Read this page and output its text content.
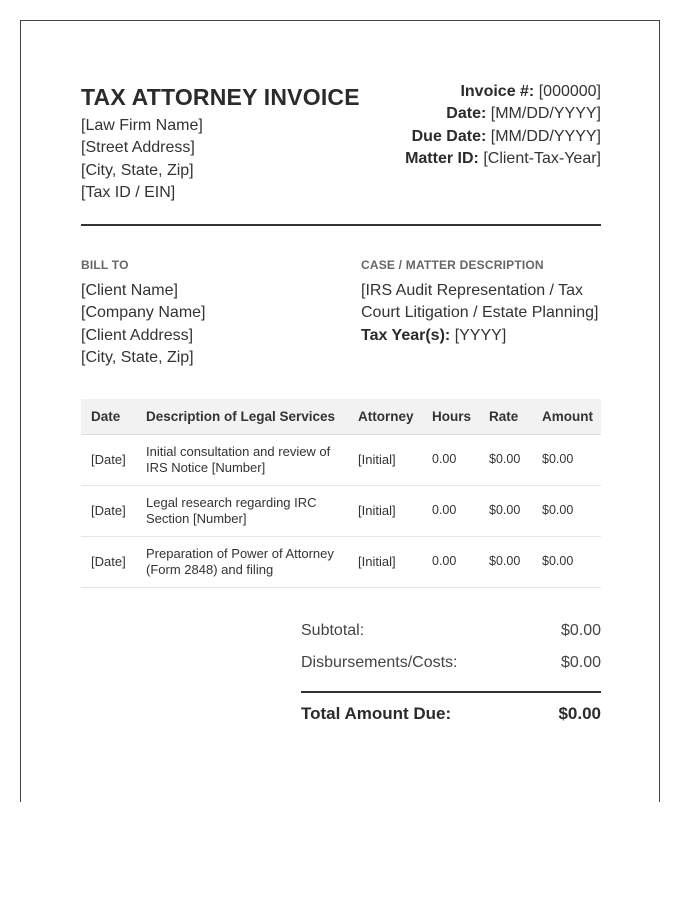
TAX ATTORNEY INVOICE
[Law Firm Name]
[Street Address]
[City, State, Zip]
[Tax ID / EIN]
Invoice #: [000000]
Date: [MM/DD/YYYY]
Due Date: [MM/DD/YYYY]
Matter ID: [Client-Tax-Year]
BILL TO
[Client Name]
[Company Name]
[Client Address]
[City, State, Zip]
CASE / MATTER DESCRIPTION
[IRS Audit Representation / Tax
Court Litigation / Estate Planning]
Tax Year(s): [YYYY]
Date	Description of Legal Services	Attorney	Hours	Rate	Amount
[Date]	Initial consultation and review of IRS Notice [Number]	[Initial]	0.00	$0.00	$0.00
[Date]	Legal research regarding IRC Section [Number]	[Initial]	0.00	$0.00	$0.00
[Date]	Preparation of Power of Attorney (Form 2848) and filing	[Initial]	0.00	$0.00	$0.00
Subtotal:	$0.00
Disbursements/Costs:	$0.00
Total Amount Due:	$0.00
